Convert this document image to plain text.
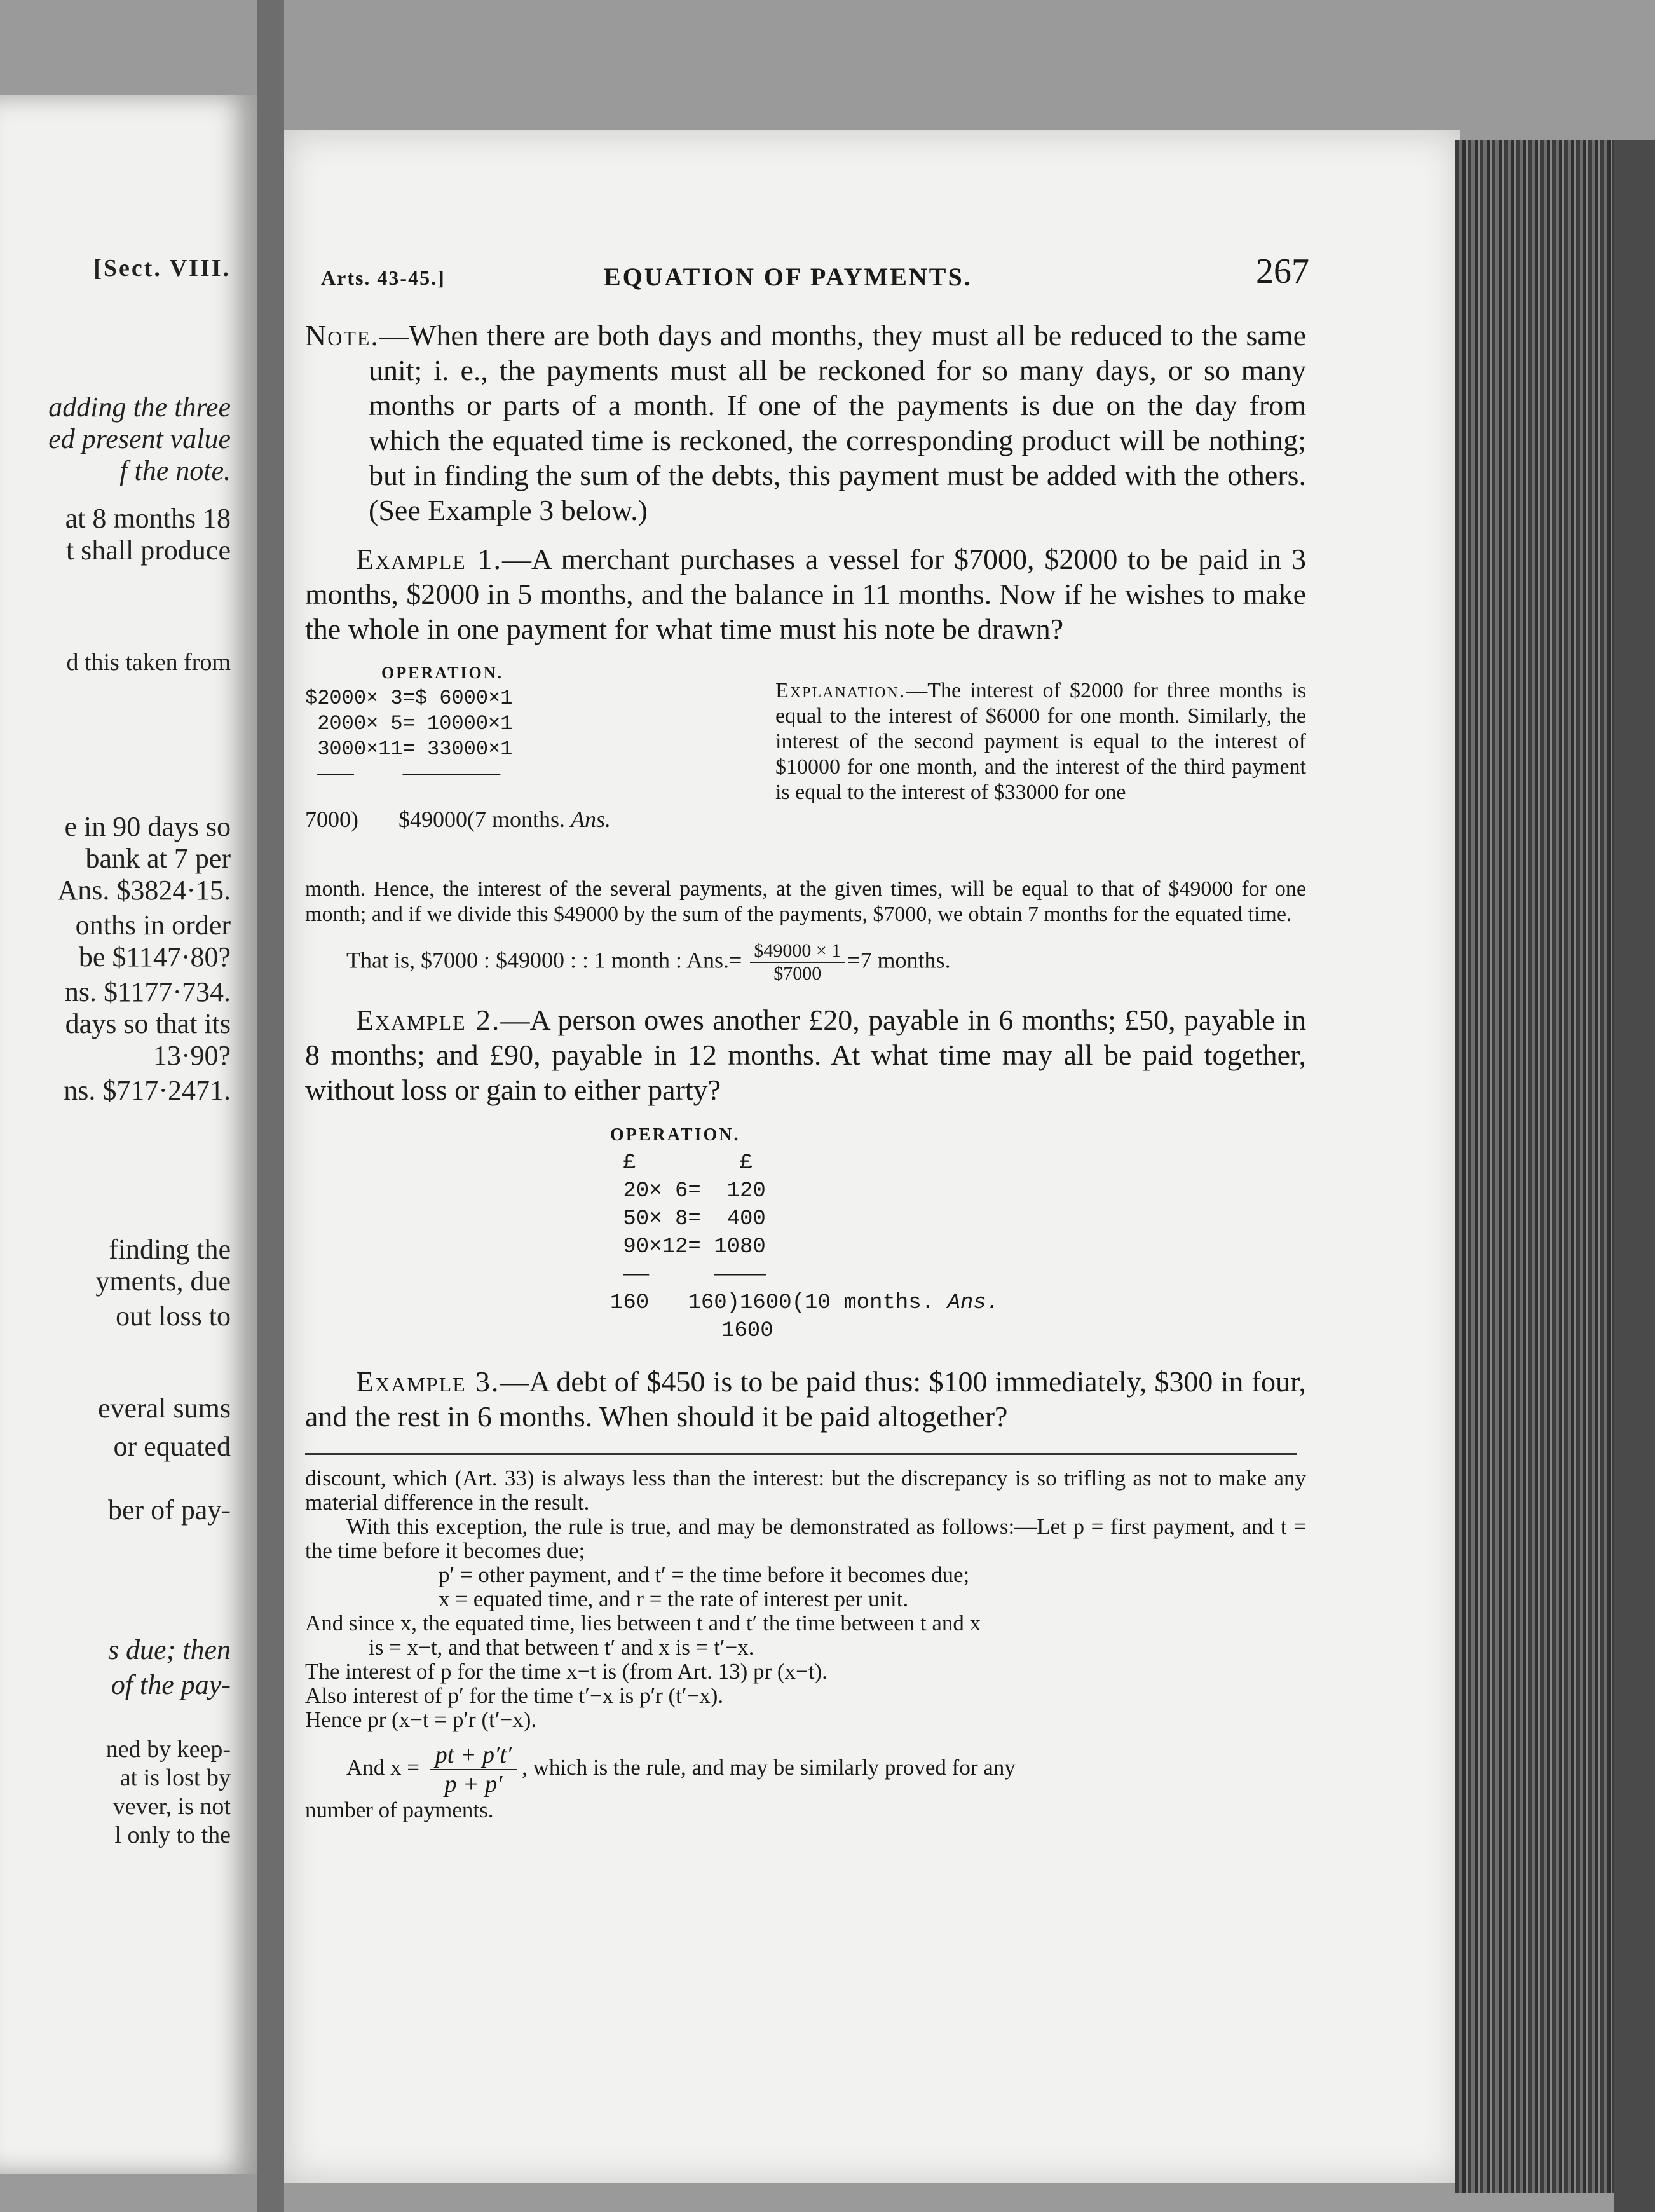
[Sect. VIII.
adding the three
ed present value
f the note.
at 8 months 18
t shall produce
d this taken from
e in 90 days so
bank at 7 per
Ans. $3824·15.
onths in order
be $1147·80?
ns. $1177·734.
days so that its
13·90?
ns. $717·2471.
finding the
yments, due
out loss to
everal sums
or equated
ber of pay-
s due; then
of the pay-
ned by keep-
at is lost by
vever, is not
l only to the
Arts. 43-45.]	EQUATION OF PAYMENTS.	267

Note.—When there are both days and months, they must all be reduced to the same unit; i. e., the payments must all be reckoned for so many days, or so many months or parts of a month. If one of the payments is due on the day from which the equated time is reckoned, the corresponding product will be nothing; but in finding the sum of the debts, this payment must be added with the others. (See Example 3 below.)

Example 1.—A merchant purchases a vessel for $7000, $2000 to be paid in 3 months, $2000 in 5 months, and the balance in 11 months. Now if he wishes to make the whole in one payment for what time must his note be drawn?

OPERATION.
$2000× 3=$ 6000×1
2000× 5= 10000×1
3000×11= 33000×1
———    ————————
7000) $49000(7 months. Ans.
Explanation.—The interest of $2000 for three months is equal to the interest of $6000 for one month. Similarly, the interest of the second payment is equal to the interest of $10000 for one month, and the interest of the third payment is equal to the interest of $33000 for one
month. Hence, the interest of the several payments, at the given times, will be equal to that of $49000 for one month; and if we divide this $49000 by the sum of the payments, $7000, we obtain 7 months for the equated time.
That is, $7000 : $49000 : : 1 month : $Ans.= \frac{\$49000 \times 1}{\$7000} =7$ months.

Example 2.—A person owes another £20, payable in 6 months; £50, payable in 8 months; and £90, payable in 12 months. At what time may all be paid together, without loss or gain to either party?

OPERATION.
£        £
20× 6=  120
50× 8=  400
90×12= 1080
——     ————
160   160)1600(10 months. Ans.
1600

Example 3.—A debt of $450 is to be paid thus: $100 immediately, $300 in four, and the rest in 6 months. When should it be paid altogether?

discount, which (Art. 33) is always less than the interest: but the discrepancy is so trifling as not to make any material difference in the result.

With this exception, the rule is true, and may be demonstrated as follows:—Let p = first payment, and t = the time before it becomes due;

p′ = other payment, and t′ = the time before it becomes due;

x = equated time, and r = the rate of interest per unit.

And since x, the equated time, lies between t and t′ the time between t and x

is = x−t, and that between t′ and x is = t′−x.

The interest of p for the time x−t is (from Art. 13) pr (x−t).

Also interest of p′ for the time t′−x is p′r (t′−x).

Hence pr (x−t = p′r (t′−x).

And $x = \frac{pt + p't'}{p + p'}$ , which is the rule, and may be similarly proved for any

number of payments.
